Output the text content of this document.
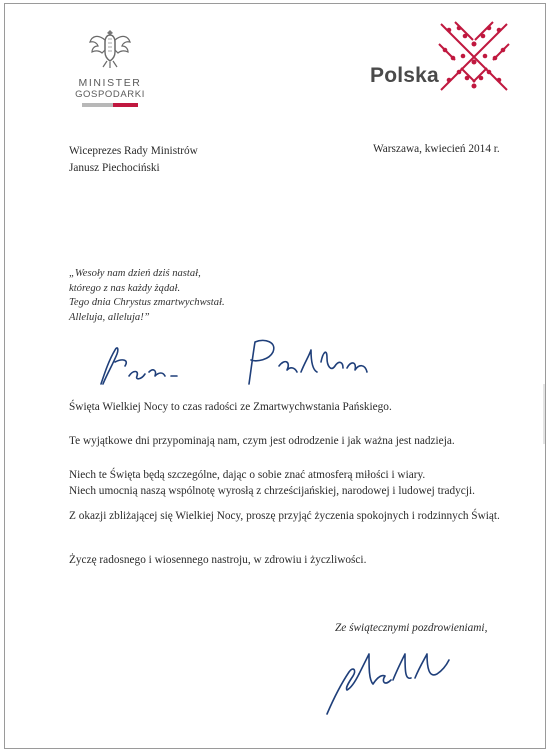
MINISTER
GOSPODARKI
Polska
Wiceprezes Rady Ministrów
Janusz Piechociński
Warszawa, kwiecień 2014 r.
„Wesoły nam dzień dziś nastał,
którego z nas każdy żądał.
Tego dnia Chrystus zmartwychwstał.
Alleluja, alleluja!”
Święta Wielkiej Nocy to czas radości ze Zmartwychwstania Pańskiego.
Te wyjątkowe dni przypominają nam, czym jest odrodzenie i jak ważna jest nadzieja.
Niech te Święta będą szczególne, dając o sobie znać atmosferą miłości i wiary.
Niech umocnią naszą wspólnotę wyrosłą z chrześcijańskiej, narodowej i ludowej tradycji.
Z okazji zbliżającej się Wielkiej Nocy, proszę przyjąć życzenia spokojnych i rodzinnych Świąt.
Życzę radosnego i wiosennego nastroju, w zdrowiu i życzliwości.
Ze świątecznymi pozdrowieniami,
